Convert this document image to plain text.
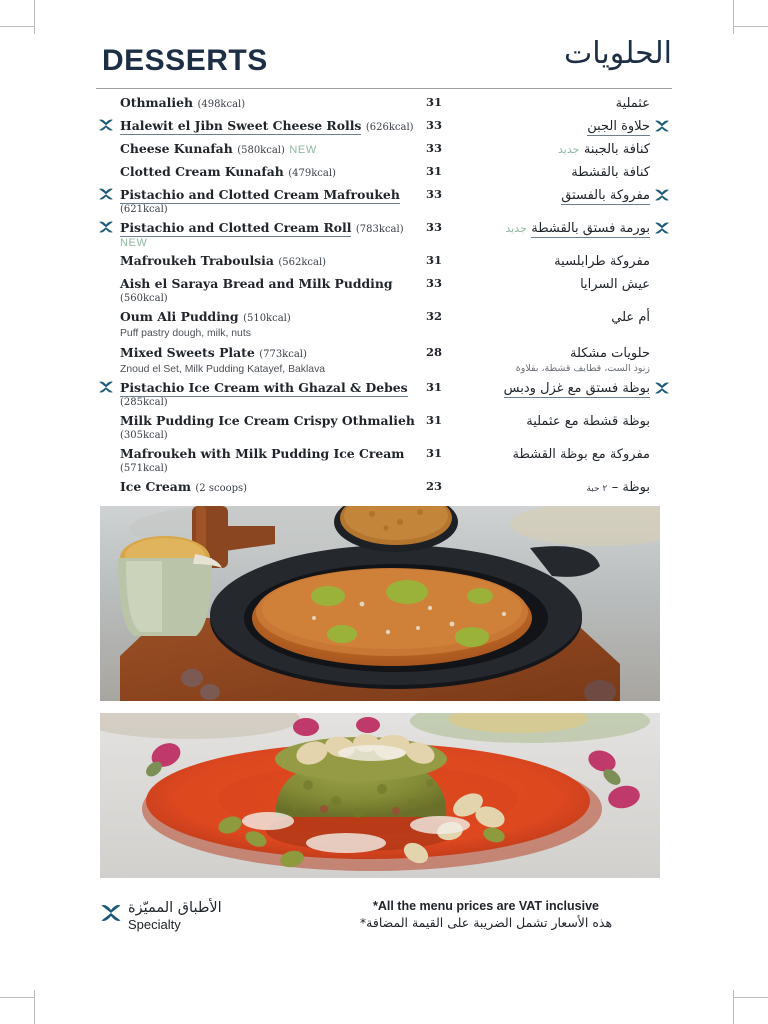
DESSERTS	الحلويات
Othmalieh (498kcal)	31	عثملية
Halewit el Jibn Sweet Cheese Rolls (626kcal)	33	حلاوة الجبن
Cheese Kunafah (580kcal) NEW	33	كنافة بالجبنة جديد
Clotted Cream Kunafah (479kcal)	31	كنافة بالقشطة
Pistachio and Clotted Cream Mafroukeh
(621kcal)
33	مفروكة بالفستق
Pistachio and Clotted Cream Roll (783kcal)
NEW
33	بورمة فستق بالقشطة جديد
Mafroukeh Traboulsia (562kcal)	31	مفروكة طرابلسية
Aish el Saraya Bread and Milk Pudding
(560kcal)
33	عيش السرايا
Oum Ali Pudding (510kcal)
Puff pastry dough, milk, nuts
32	أم علي
Mixed Sweets Plate (773kcal)
Znoud el Set, Milk Pudding Katayef, Baklava
28	حلويات مشكلة
زنود الست، قطايف قشطة، بقلاوة
Pistachio Ice Cream with Ghazal & Debes
(285kcal)
31	بوظة فستق مع غزل ودبس
Milk Pudding Ice Cream Crispy Othmalieh
(305kcal)
31	بوظة قشطة مع عثملية
Mafroukeh with Milk Pudding Ice Cream
(571kcal)
31	مفروكة مع بوظة القشطة
Ice Cream (2 scoops)	23	بوظة – ٢ حبة
الأطباق المميّزة
Specialty
*All the menu prices are VAT inclusive
هذه الأسعار تشمل الضريبة على القيمة المضافة*
